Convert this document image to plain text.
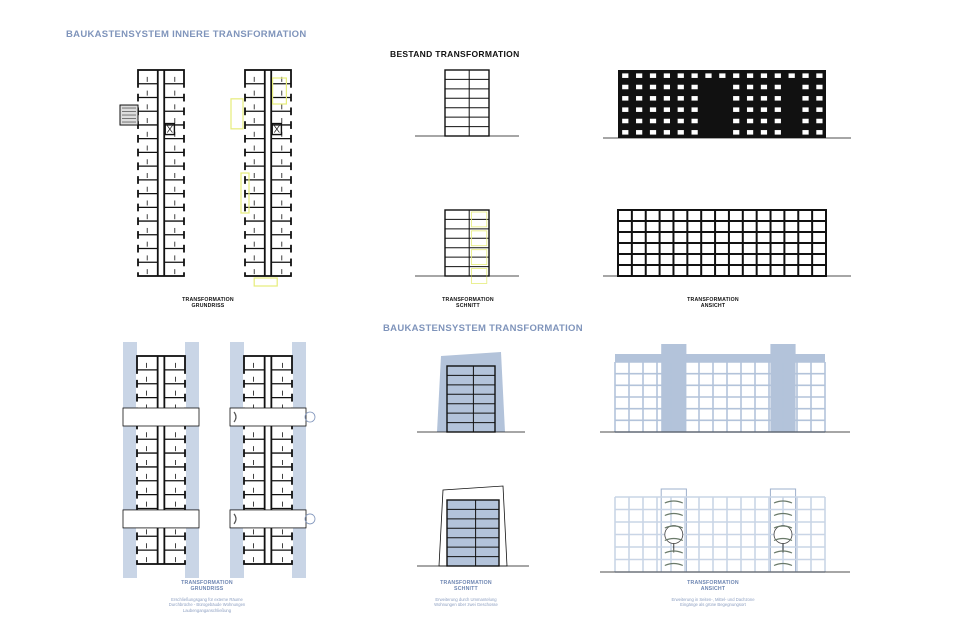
BAUKASTENSYSTEM INNERE TRANSFORMATION
BESTAND TRANSFORMATION
BAUKASTENSYSTEM TRANSFORMATION
TRANSFORMATION
GRUNDRISS
TRANSFORMATION
SCHNITT
TRANSFORMATION
ANSICHT
TRANSFORMATION
GRUNDRISS
TRANSFORMATION
SCHNITT
TRANSFORMATION
ANSICHT
Erschließungsgang für externe Räume
Durchbrüche - Bürogebäude Wohnungen
Laubenganganschließung
Erweiterung durch Ummantelung
Wohnungen über zwei Geschosse
Erweiterung in Seiten-, Mittel- und Dachzone
Eingänge als grüne Begegnungsort
